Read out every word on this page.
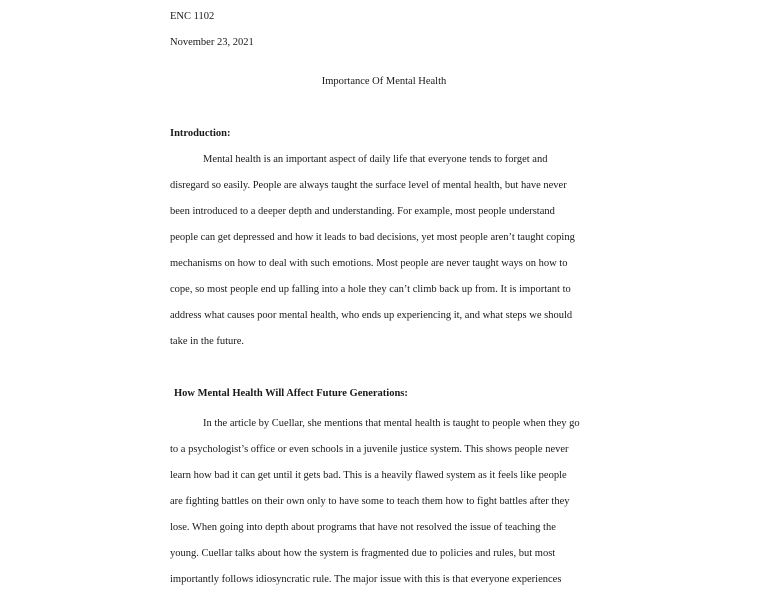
ENC 1102
November 23, 2021
Importance Of Mental Health
Introduction:
Mental health is an important aspect of daily life that everyone tends to forget and
disregard so easily. People are always taught the surface level of mental health, but have never
been introduced to a deeper depth and understanding. For example, most people understand
people can get depressed and how it leads to bad decisions, yet most people aren’t taught coping
mechanisms on how to deal with such emotions. Most people are never taught ways on how to
cope, so most people end up falling into a hole they can’t climb back up from. It is important to
address what causes poor mental health, who ends up experiencing it, and what steps we should
take in the future.
How Mental Health Will Affect Future Generations:
In the article by Cuellar, she mentions that mental health is taught to people when they go
to a psychologist’s office or even schools in a juvenile justice system. This shows people never
learn how bad it can get until it gets bad. This is a heavily flawed system as it feels like people
are fighting battles on their own only to have some to teach them how to fight battles after they
lose. When going into depth about programs that have not resolved the issue of teaching the
young. Cuellar talks about how the system is fragmented due to policies and rules, but most
importantly follows idiosyncratic rule. The major issue with this is that everyone experiences
